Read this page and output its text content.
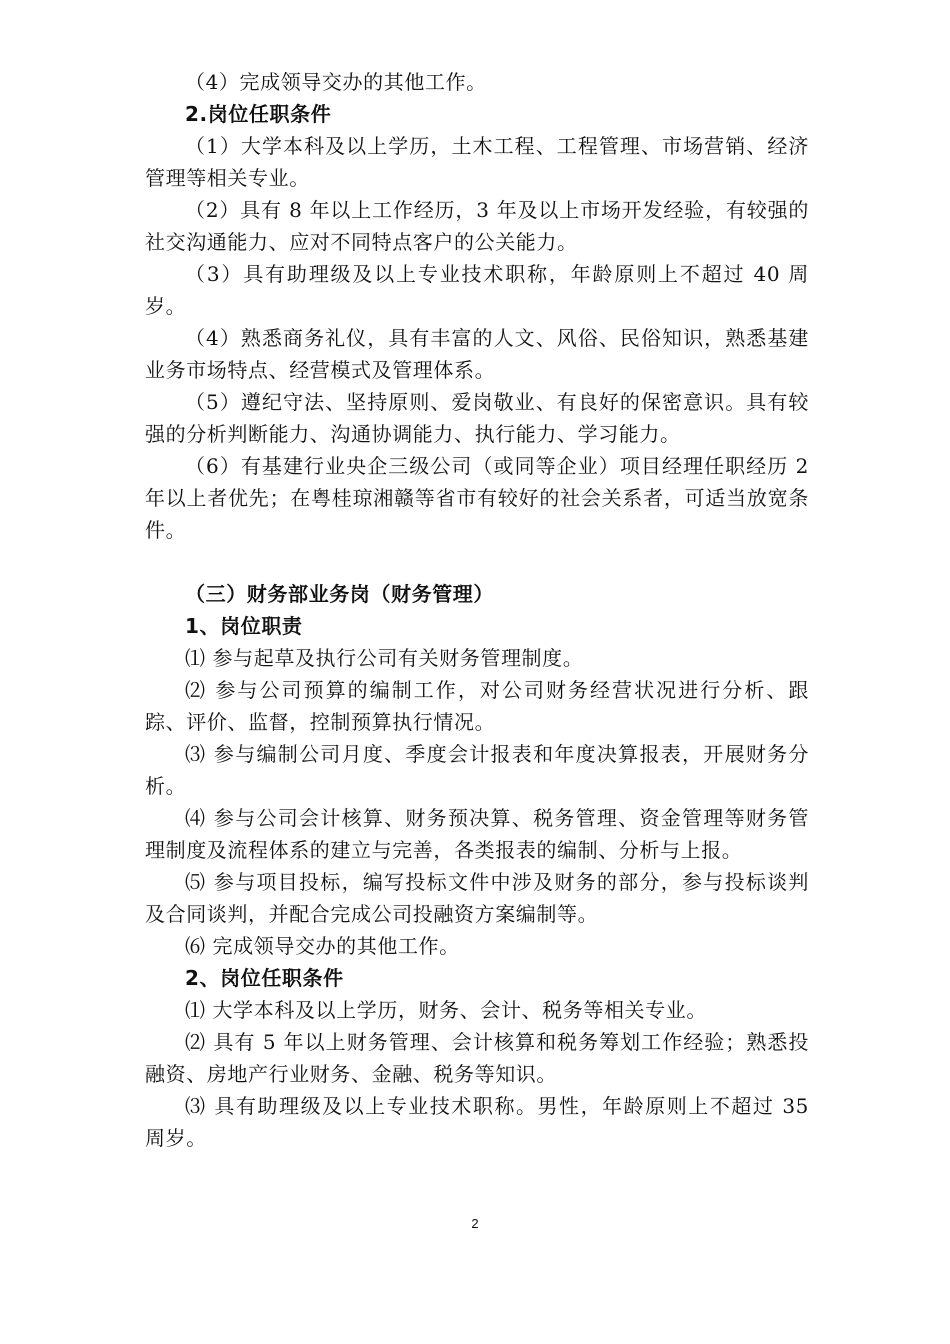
（4）完成领导交办的其他工作。

2.岗位任职条件

（1）大学本科及以上学历，土木工程、工程管理、市场营销、经济管理等相关专业。

（2）具有 8 年以上工作经历，3 年及以上市场开发经验，有较强的社交沟通能力、应对不同特点客户的公关能力。

（3）具有助理级及以上专业技术职称，年龄原则上不超过 40 周岁。

（4）熟悉商务礼仪，具有丰富的人文、风俗、民俗知识，熟悉基建业务市场特点、经营模式及管理体系。

（5）遵纪守法、坚持原则、爱岗敬业、有良好的保密意识。具有较强的分析判断能力、沟通协调能力、执行能力、学习能力。

（6）有基建行业央企三级公司（或同等企业）项目经理任职经历 2 年以上者优先；在粤桂琼湘赣等省市有较好的社会关系者，可适当放宽条件。

（三）财务部业务岗（财务管理）

1、岗位职责

⑴ 参与起草及执行公司有关财务管理制度。

⑵ 参与公司预算的编制工作，对公司财务经营状况进行分析、跟踪、评价、监督，控制预算执行情况。

⑶ 参与编制公司月度、季度会计报表和年度决算报表，开展财务分析。

⑷ 参与公司会计核算、财务预决算、税务管理、资金管理等财务管理制度及流程体系的建立与完善，各类报表的编制、分析与上报。

⑸ 参与项目投标，编写投标文件中涉及财务的部分，参与投标谈判及合同谈判，并配合完成公司投融资方案编制等。

⑹ 完成领导交办的其他工作。

2、岗位任职条件

⑴ 大学本科及以上学历，财务、会计、税务等相关专业。

⑵ 具有 5 年以上财务管理、会计核算和税务筹划工作经验；熟悉投融资、房地产行业财务、金融、税务等知识。

⑶ 具有助理级及以上专业技术职称。男性，年龄原则上不超过 35 周岁。

2
